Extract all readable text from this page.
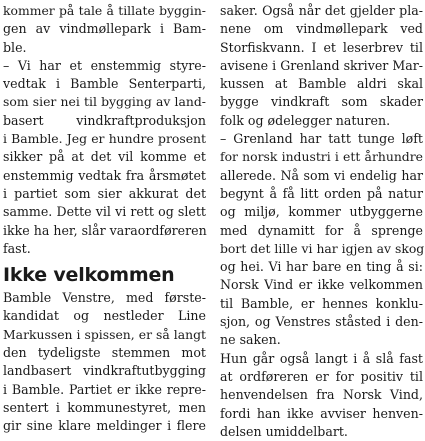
kommer på tale å tillate byggin-
gen av vindmøllepark i Bam-
ble.
– Vi har et enstemmig styre-
vedtak i Bamble Senterparti,
som sier nei til bygging av land-
basert vindkraftproduksjon
i Bamble. Jeg er hundre prosent
sikker på at det vil komme et
enstemmig vedtak fra årsmøtet
i partiet som sier akkurat det
samme. Dette vil vi rett og slett
ikke ha her, slår varaordføreren
fast.
Ikke velkommen
Bamble Venstre, med første-
kandidat og nestleder Line
Markussen i spissen, er så langt
den tydeligste stemmen mot
landbasert vindkraftutbygging
i Bamble. Partiet er ikke repre-
sentert i kommunestyret, men
gir sine klare meldinger i flere
saker. Også når det gjelder pla-
nene om vindmøllepark ved
Storfiskvann. I et leserbrev til
avisene i Grenland skriver Mar-
kussen at Bamble aldri skal
bygge vindkraft som skader
folk og ødelegger naturen.
– Grenland har tatt tunge løft
for norsk industri i ett århundre
allerede. Nå som vi endelig har
begynt å få litt orden på natur
og miljø, kommer utbyggerne
med dynamitt for å sprenge
bort det lille vi har igjen av skog
og hei. Vi har bare en ting å si:
Norsk Vind er ikke velkommen
til Bamble, er hennes konklu-
sjon, og Venstres ståsted i den-
ne saken.
Hun går også langt i å slå fast
at ordføreren er for positiv til
henvendelsen fra Norsk Vind,
fordi han ikke avviser henven-
delsen umiddelbart.
